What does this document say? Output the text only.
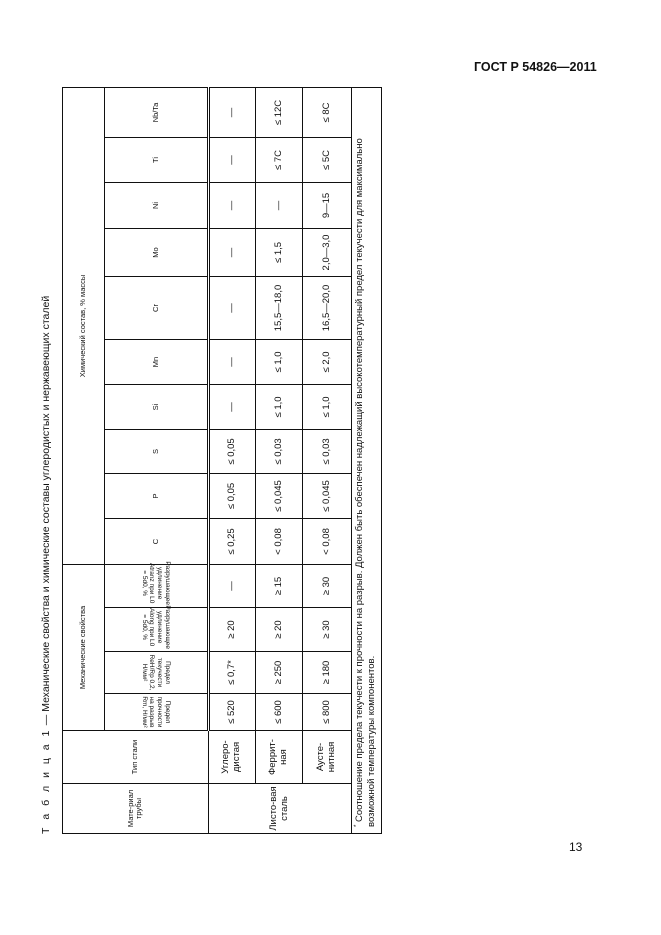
ГОСТ Р 54826—2011
Т а б л и ц а 1 — Механические свойства и химические составы углеродистых и нержавеющих сталей
Мате-риал трубы	Тип стали	Механические свойства				Химический состав, % массы									
		Предел прочности на разрыв Rm, Н/мм²	Предел текучести ReH/Rp 0,2, Н/мм²	Разрушающее удлинение Along при L0 = 5d0, %	Разрушающее удлинение Atranz при L0 = 5d0, %	C	P	S	Si	Mn	Cr	Mo	Ni	Ti	Nb/Ta
Листо-вая сталь	Углеро-дистая	≤ 520	≤ 0,7*	≥ 20	—	≤ 0,25	≤ 0,05	≤ 0,05	—	—	—	—	—	—	—
	Феррит-ная	≤ 600	≥ 250	≥ 20	≥ 15	< 0,08	≤ 0,045	≤ 0,03	≤ 1,0	≤ 1,0	15,5—18,0	≤ 1,5	—	≤ 7C	≤ 12C
	Аусте-нитная	≤ 800	≥ 180	≥ 30	≥ 30	< 0,08	≤ 0,045	≤ 0,03	≤ 1,0	≤ 2,0	16,5—20,0	2,0—3,0	9—15	≤ 5C	≤ 8C
* Соотношение предела текучести к прочности на разрыв. Должен быть обеспечен надлежащий высокотемпературный предел текучести для максимально возможной температуры компонентов.															
13
